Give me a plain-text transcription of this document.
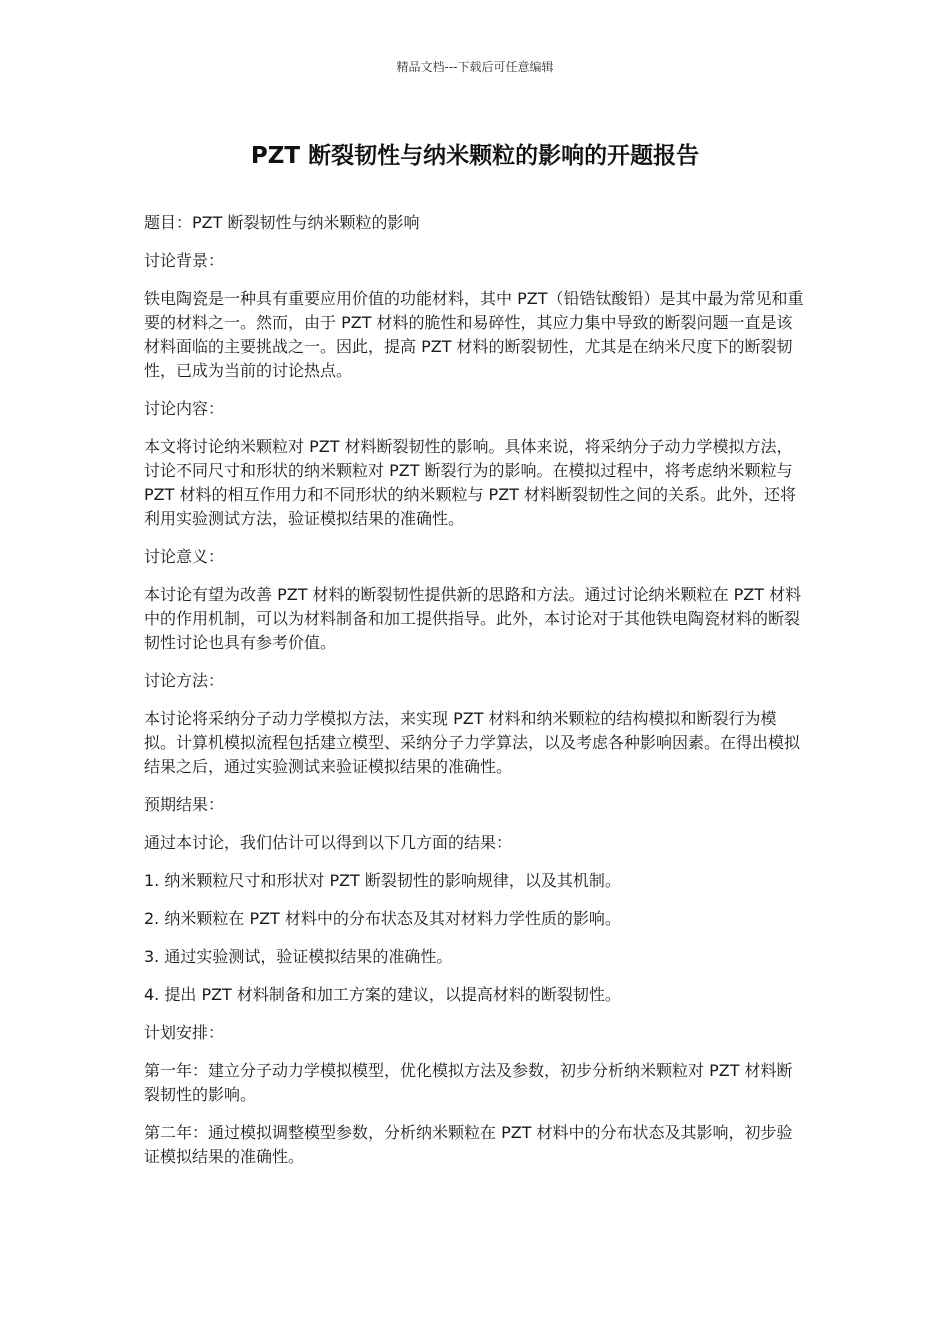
精品文档---下载后可任意编辑
PZT 断裂韧性与纳米颗粒的影响的开题报告

题目：PZT 断裂韧性与纳米颗粒的影响

讨论背景：

铁电陶瓷是一种具有重要应用价值的功能材料，其中 PZT（铅锆钛酸铅）是其中最为常见和重要的材料之一。然而，由于 PZT 材料的脆性和易碎性，其应力集中导致的断裂问题一直是该材料面临的主要挑战之一。因此，提高 PZT 材料的断裂韧性，尤其是在纳米尺度下的断裂韧性，已成为当前的讨论热点。

讨论内容：

本文将讨论纳米颗粒对 PZT 材料断裂韧性的影响。具体来说，将采纳分子动力学模拟方法，讨论不同尺寸和形状的纳米颗粒对 PZT 断裂行为的影响。在模拟过程中，将考虑纳米颗粒与 PZT 材料的相互作用力和不同形状的纳米颗粒与 PZT 材料断裂韧性之间的关系。此外，还将利用实验测试方法，验证模拟结果的准确性。

讨论意义：

本讨论有望为改善 PZT 材料的断裂韧性提供新的思路和方法。通过讨论纳米颗粒在 PZT 材料中的作用机制，可以为材料制备和加工提供指导。此外，本讨论对于其他铁电陶瓷材料的断裂韧性讨论也具有参考价值。

讨论方法：

本讨论将采纳分子动力学模拟方法，来实现 PZT 材料和纳米颗粒的结构模拟和断裂行为模拟。计算机模拟流程包括建立模型、采纳分子力学算法，以及考虑各种影响因素。在得出模拟结果之后，通过实验测试来验证模拟结果的准确性。

预期结果：

通过本讨论，我们估计可以得到以下几方面的结果：

1. 纳米颗粒尺寸和形状对 PZT 断裂韧性的影响规律，以及其机制。

2. 纳米颗粒在 PZT 材料中的分布状态及其对材料力学性质的影响。

3. 通过实验测试，验证模拟结果的准确性。

4. 提出 PZT 材料制备和加工方案的建议，以提高材料的断裂韧性。

计划安排：

第一年：建立分子动力学模拟模型，优化模拟方法及参数，初步分析纳米颗粒对 PZT 材料断裂韧性的影响。

第二年：通过模拟调整模型参数，分析纳米颗粒在 PZT 材料中的分布状态及其影响，初步验证模拟结果的准确性。
